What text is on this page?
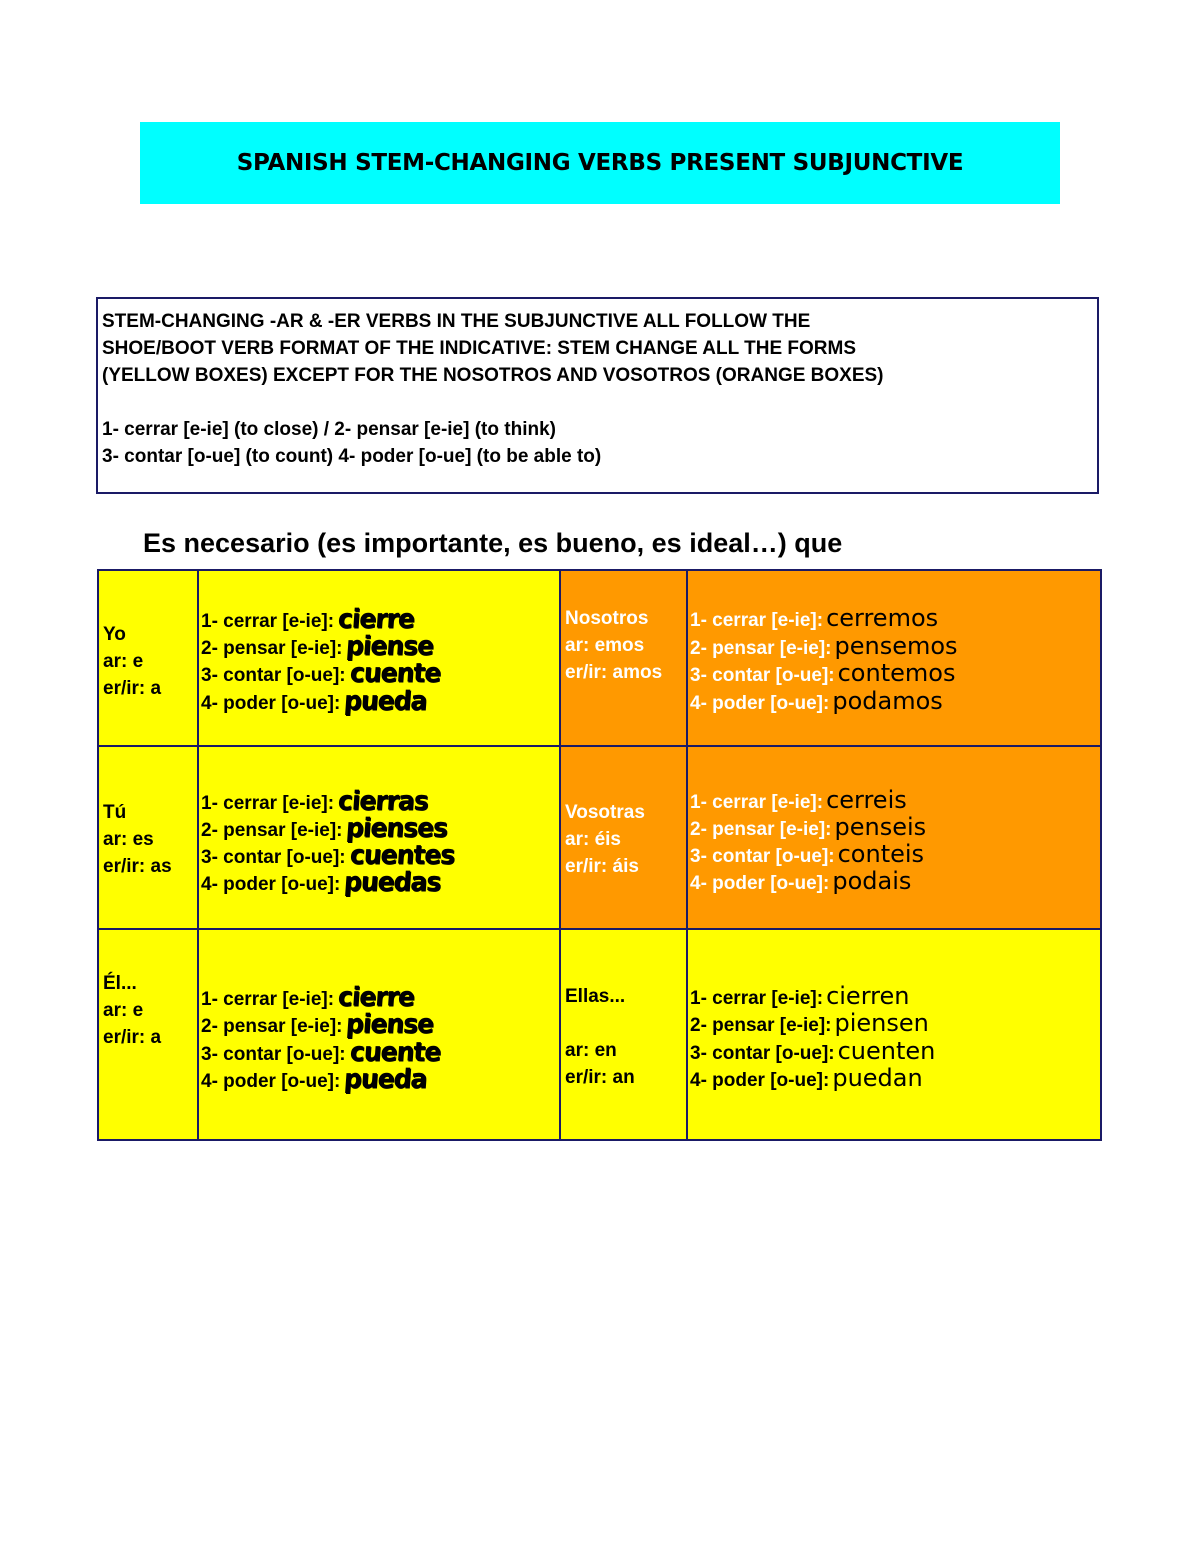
SPANISH STEM-CHANGING VERBS PRESENT SUBJUNCTIVE
STEM-CHANGING -AR & -ER VERBS IN THE SUBJUNCTIVE ALL FOLLOW THE
SHOE/BOOT VERB FORMAT OF THE INDICATIVE: STEM CHANGE ALL THE FORMS
(YELLOW BOXES) EXCEPT FOR THE NOSOTROS AND VOSOTROS (ORANGE BOXES)
1- cerrar [e-ie] (to close) / 2- pensar [e-ie] (to think)
3- contar [o-ue] (to count) 4- poder [o-ue] (to be able to)
Es necesario (es importante, es bueno, es ideal…) que
Yo
ar: e
er/ir: a
1- cerrar [e-ie]: cierre
2- pensar [e-ie]: piense
3- contar [o-ue]: cuente
4- poder [o-ue]: pueda
Nosotros
ar: emos
er/ir: amos
1- cerrar [e-ie]: cerremos
2- pensar [e-ie]: pensemos
3- contar [o-ue]: contemos
4- poder [o-ue]: podamos
Tú
ar: es
er/ir: as
1- cerrar [e-ie]: cierras
2- pensar [e-ie]: pienses
3- contar [o-ue]: cuentes
4- poder [o-ue]: puedas
Vosotras
ar: éis
er/ir: áis
1- cerrar [e-ie]: cerreis
2- pensar [e-ie]: penseis
3- contar [o-ue]: conteis
4- poder [o-ue]: podais
Él...
ar: e
er/ir: a
1- cerrar [e-ie]: cierre
2- pensar [e-ie]: piense
3- contar [o-ue]: cuente
4- poder [o-ue]: pueda
Ellas...
ar: en
er/ir: an
1- cerrar [e-ie]: cierren
2- pensar [e-ie]: piensen
3- contar [o-ue]: cuenten
4- poder [o-ue]: puedan
